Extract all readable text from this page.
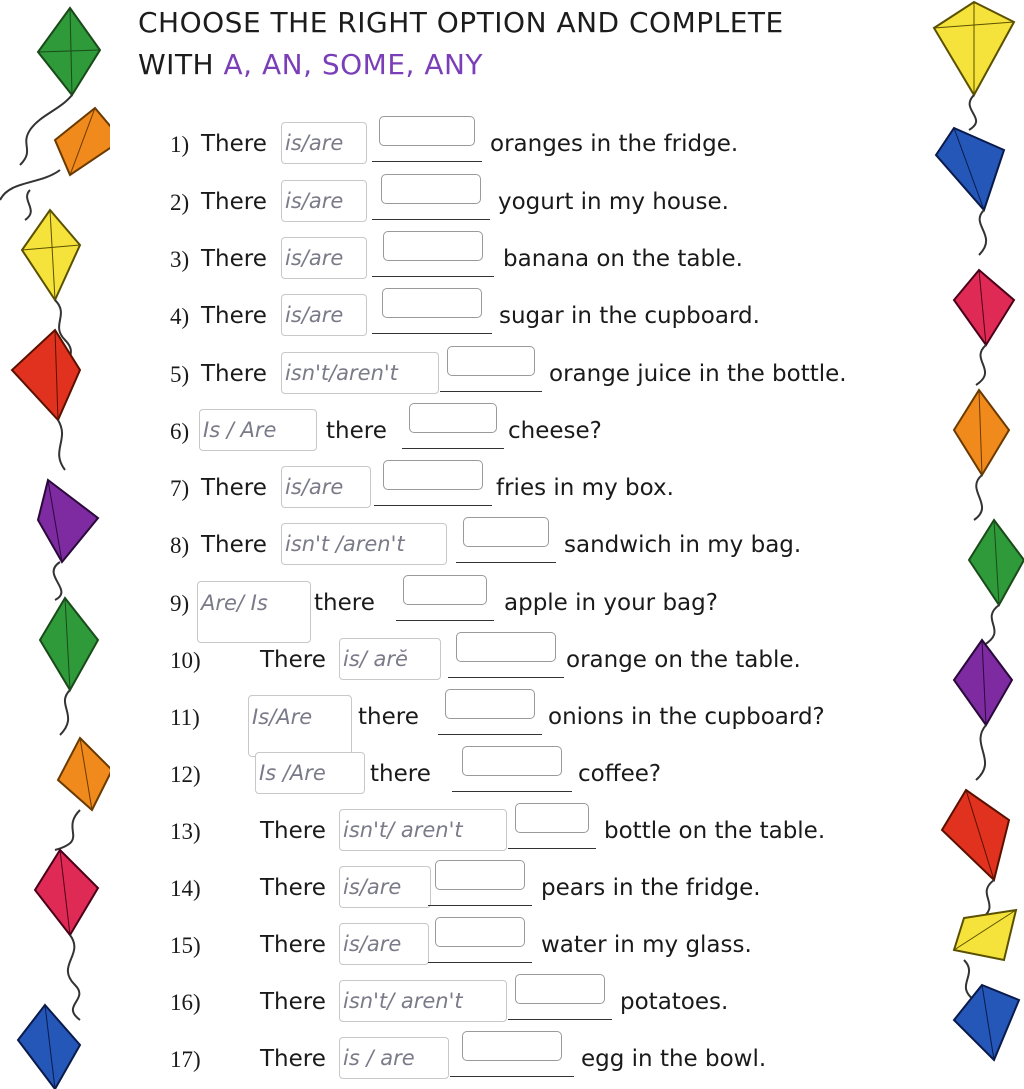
CHOOSE THE RIGHT OPTION AND COMPLETE
WITH A, AN, SOME, ANY
1) There is/are	oranges in the fridge.
2) There is/are	yogurt in my house.
3) There is/are	banana on the table.
4) There is/are	sugar in the cupboard.
5) There isn't/aren't	orange juice in the bottle.
6) Is / Are	there	cheese?
7) There is/are	fries in my box.
8) There isn't /aren't	sandwich in my bag.
9) Are/ Is	there	apple in your bag?
10)	There is/ arĕ	orange on the table.
11) Is/Are	there	onions in the cupboard?
12)	Is /Are	there	coffee?
13)	There isn't/ aren't	bottle on the table.
14)	There is/are	pears in the fridge.
15)	There is/are	water in my glass.
16)	There isn't/ aren't	potatoes.
17)	There is / are	egg in the bowl.
